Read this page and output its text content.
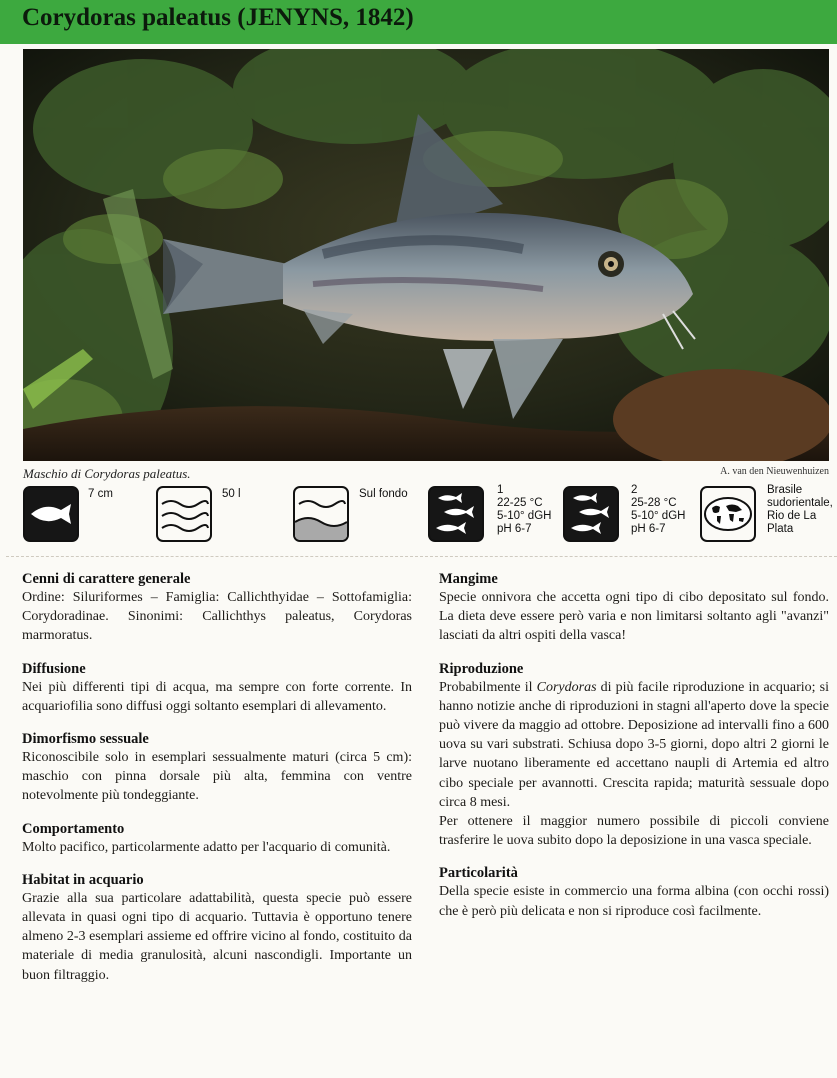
Corydoras paleatus (JENYNS, 1842)
Maschio di Corydoras paleatus.	A. van den Nieuwenhuizen
7 cm	50 l	Sul fondo	1
22-25 °C
5-10° dGH
pH 6-7
2
25-28 °C
5-10° dGH
pH 6-7
Brasile
sudorientale,
Rio de La
Plata
Cenni di carattere generale

Ordine: Siluriformes – Famiglia: Callichthyidae – Sottofamiglia: Corydoradinae. Sinonimi: Callichthys paleatus, Corydoras marmoratus.

Diffusione

Nei più differenti tipi di acqua, ma sempre con forte corrente. In acquariofilia sono diffusi oggi soltanto esemplari di allevamento.

Dimorfismo sessuale

Riconoscibile solo in esemplari sessualmente maturi (circa 5 cm): maschio con pinna dorsale più alta, femmina con ventre notevolmente più tondeggiante.

Comportamento

Molto pacifico, particolarmente adatto per l'acquario di comunità.

Habitat in acquario

Grazie alla sua particolare adattabilità, questa specie può essere allevata in quasi ogni tipo di acquario. Tuttavia è opportuno tenere almeno 2-3 esemplari assieme ed offrire vicino al fondo, costituito da materiale di media granulosità, alcuni nascondigli. Importante un buon filtraggio.

Mangime

Specie onnivora che accetta ogni tipo di cibo depositato sul fondo. La dieta deve essere però varia e non limitarsi soltanto agli "avanzi" lasciati da altri ospiti della vasca!

Riproduzione

Probabilmente il Corydoras di più facile riproduzione in acquario; si hanno notizie anche di riproduzioni in stagni all'aperto dove la specie può vivere da maggio ad ottobre. Deposizione ad intervalli fino a 600 uova su vari substrati. Schiusa dopo 3-5 giorni, dopo altri 2 giorni le larve nuotano liberamente ed accettano naupli di Artemia ed altro cibo speciale per avannotti. Crescita rapida; maturità sessuale dopo circa 8 mesi.

Per ottenere il maggior numero possibile di piccoli conviene trasferire le uova subito dopo la deposizione in una vasca speciale.

Particolarità

Della specie esiste in commercio una forma albina (con occhi rossi) che è però più delicata e non si riproduce così facilmente.
